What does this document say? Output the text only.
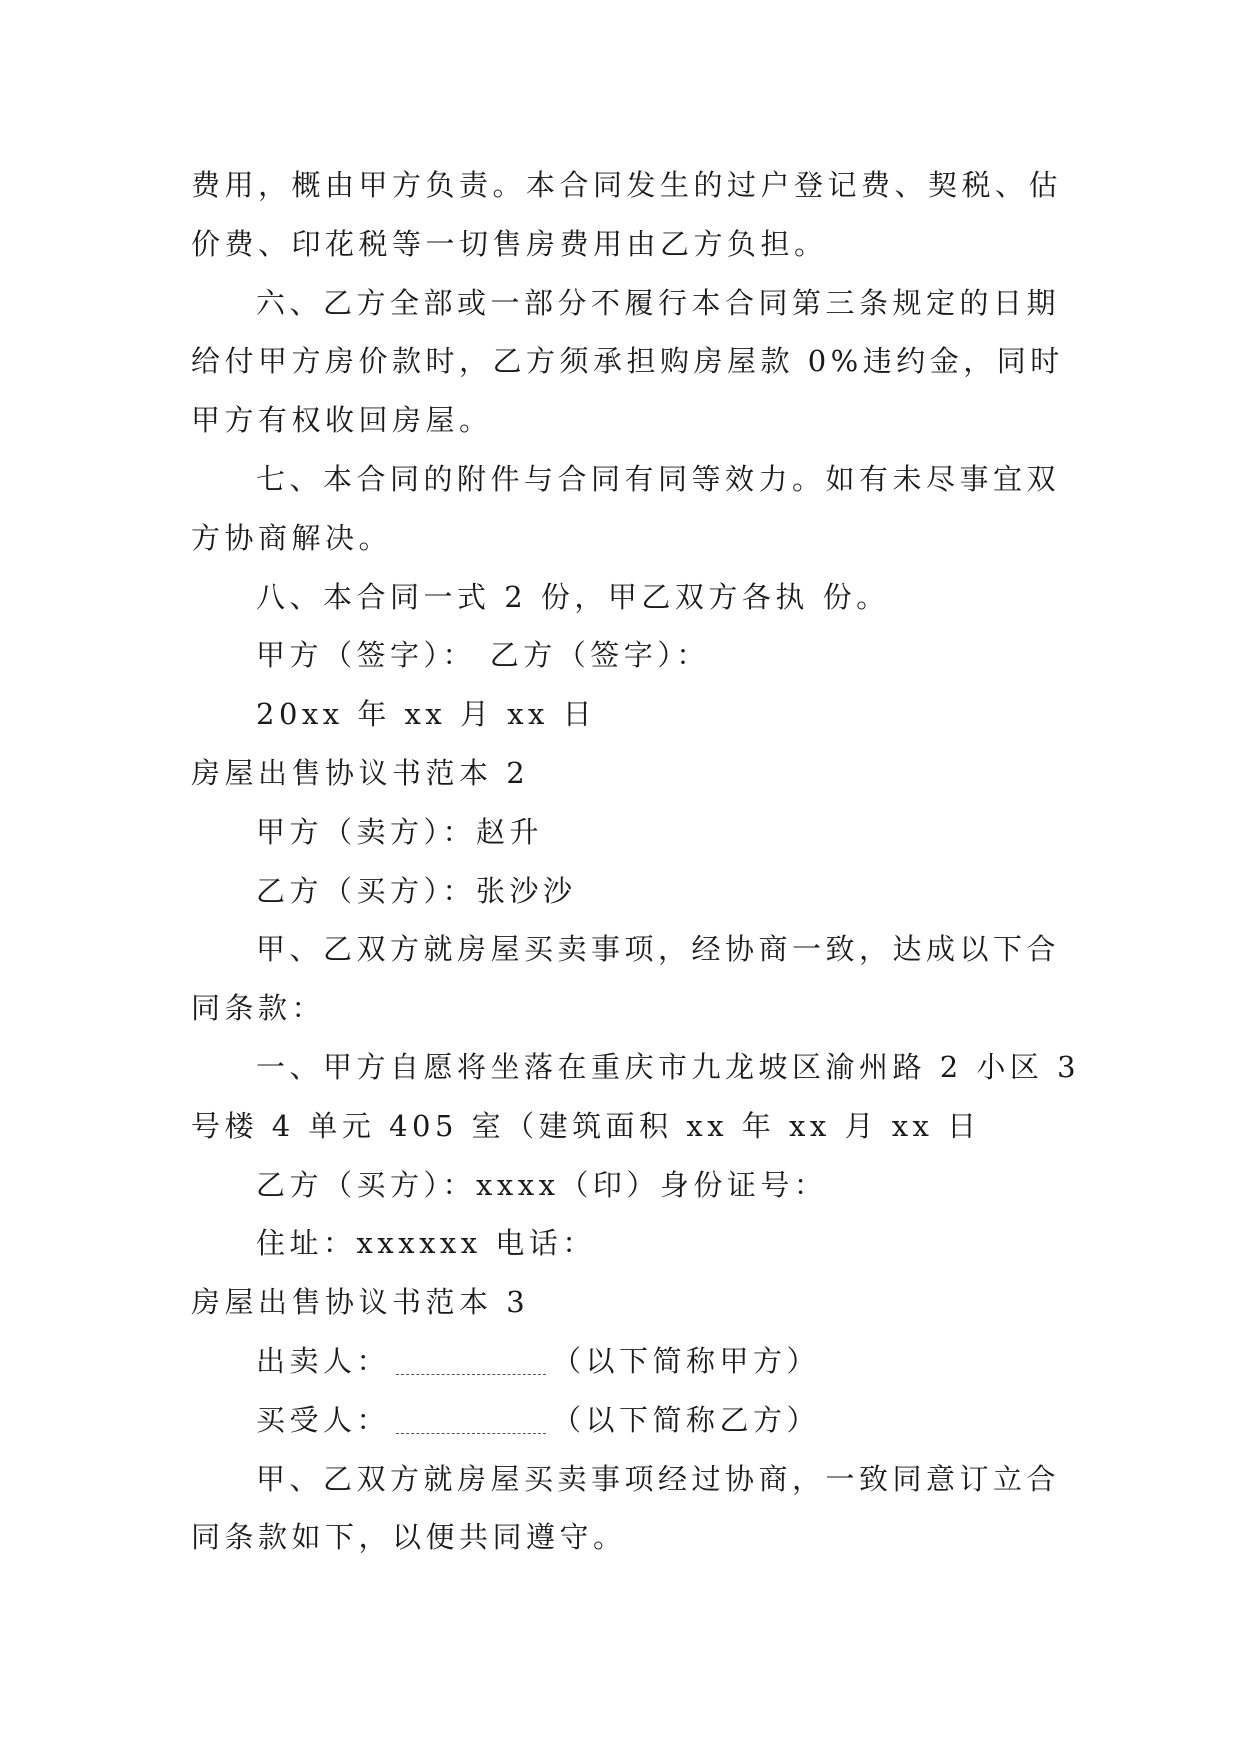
费用，概由甲方负责。本合同发生的过户登记费、契税、估
价费、印花税等一切售房费用由乙方负担。
六、乙方全部或一部分不履行本合同第三条规定的日期
给付甲方房价款时，乙方须承担购房屋款 0%违约金，同时
甲方有权收回房屋。
七、本合同的附件与合同有同等效力。如有未尽事宜双
方协商解决。
八、本合同一式 2 份，甲乙双方各执 份。
甲方（签字）： 乙方（签字）：
20xx 年 xx 月 xx 日
房屋出售协议书范本 2
甲方（卖方）：赵升
乙方（买方）：张沙沙
甲、乙双方就房屋买卖事项，经协商一致，达成以下合
同条款：
一、甲方自愿将坐落在重庆市九龙坡区渝州路 2 小区 3
号楼 4 单元 405 室（建筑面积 xx 年 xx 月 xx 日
乙方（买方）：xxxx（印）身份证号：
住址：xxxxxx 电话：
房屋出售协议书范本 3
出卖人：	（以下简称甲方）
买受人：	（以下简称乙方）
甲、乙双方就房屋买卖事项经过协商，一致同意订立合
同条款如下，以便共同遵守。
